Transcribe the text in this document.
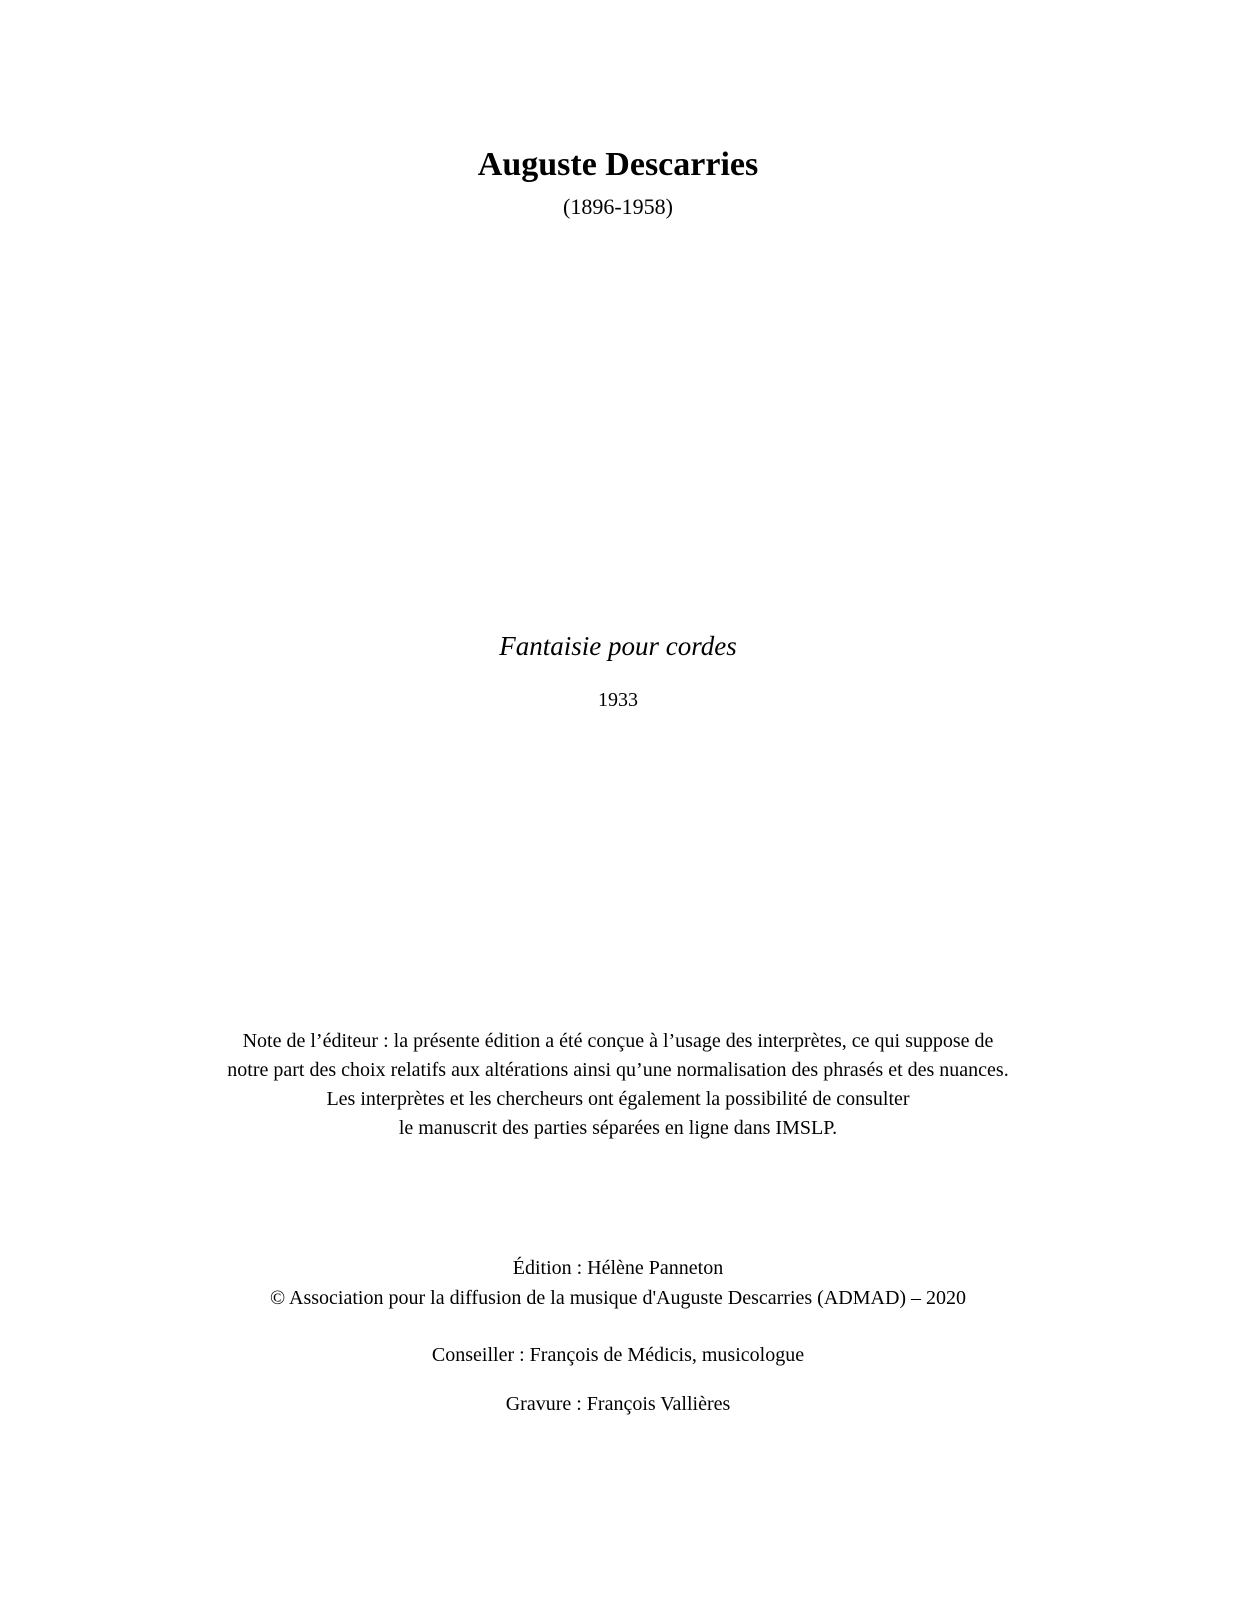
Auguste Descarries
(1896-1958)
Fantaisie pour cordes
1933
Note de l’éditeur : la présente édition a été conçue à l’usage des interprètes, ce qui suppose de
notre part des choix relatifs aux altérations ainsi qu’une normalisation des phrasés et des nuances.
Les interprètes et les chercheurs ont également la possibilité de consulter
le manuscrit des parties séparées en ligne dans IMSLP.
Édition : Hélène Panneton
© Association pour la diffusion de la musique d'Auguste Descarries (ADMAD) – 2020
Conseiller : François de Médicis, musicologue
Gravure : François Vallières
